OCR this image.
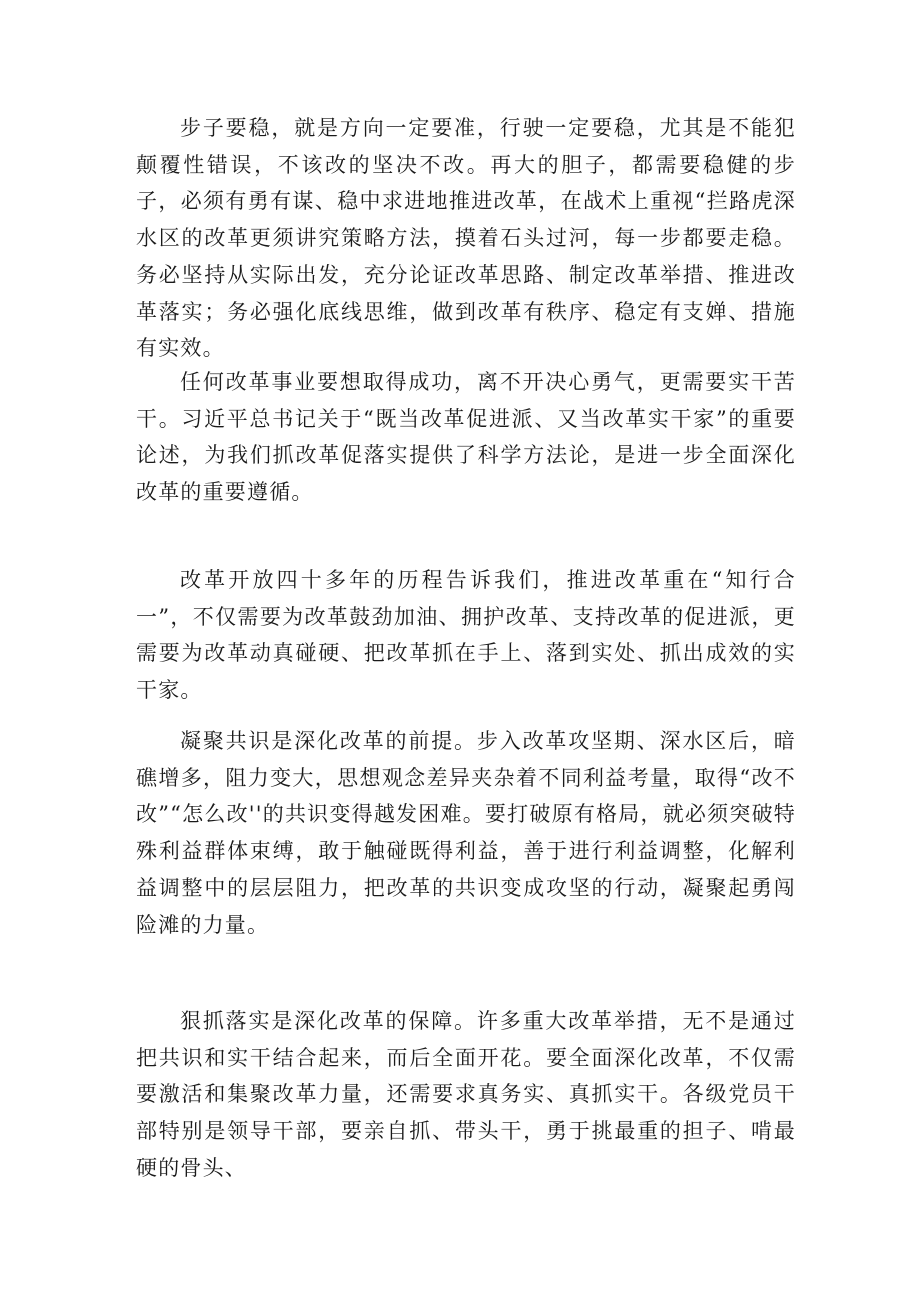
步子要稳，就是方向一定要准，行驶一定要稳，尤其是不能犯颠覆性错误，不该改的坚决不改。再大的胆子，都需要稳健的步子，必须有勇有谋、稳中求进地推进改革，在战术上重视“拦路虎深水区的改革更须讲究策略方法，摸着石头过河，每一步都要走稳。务必坚持从实际出发，充分论证改革思路、制定改革举措、推进改革落实；务必强化底线思维，做到改革有秩序、稳定有支婵、措施有实效。

任何改革事业要想取得成功，离不开决心勇气，更需要实干苦干。习近平总书记关于“既当改革促进派、又当改革实干家”的重要论述，为我们抓改革促落实提供了科学方法论，是进一步全面深化改革的重要遵循。

改革开放四十多年的历程告诉我们，推进改革重在“知行合一”，不仅需要为改革鼓劲加油、拥护改革、支持改革的促进派，更需要为改革动真碰硬、把改革抓在手上、落到实处、抓出成效的实干家。

凝聚共识是深化改革的前提。步入改革攻坚期、深水区后，暗礁增多，阻力变大，思想观念差异夹杂着不同利益考量，取得“改不改”“怎么改''的共识变得越发困难。要打破原有格局，就必须突破特殊利益群体束缚，敢于触碰既得利益，善于进行利益调整，化解利益调整中的层层阻力，把改革的共识变成攻坚的行动，凝聚起勇闯险滩的力量。

狠抓落实是深化改革的保障。许多重大改革举措，无不是通过把共识和实干结合起来，而后全面开花。要全面深化改革，不仅需要激活和集聚改革力量，还需要求真务实、真抓实干。各级党员干部特别是领导干部，要亲自抓、带头干，勇于挑最重的担子、啃最硬的骨头、
